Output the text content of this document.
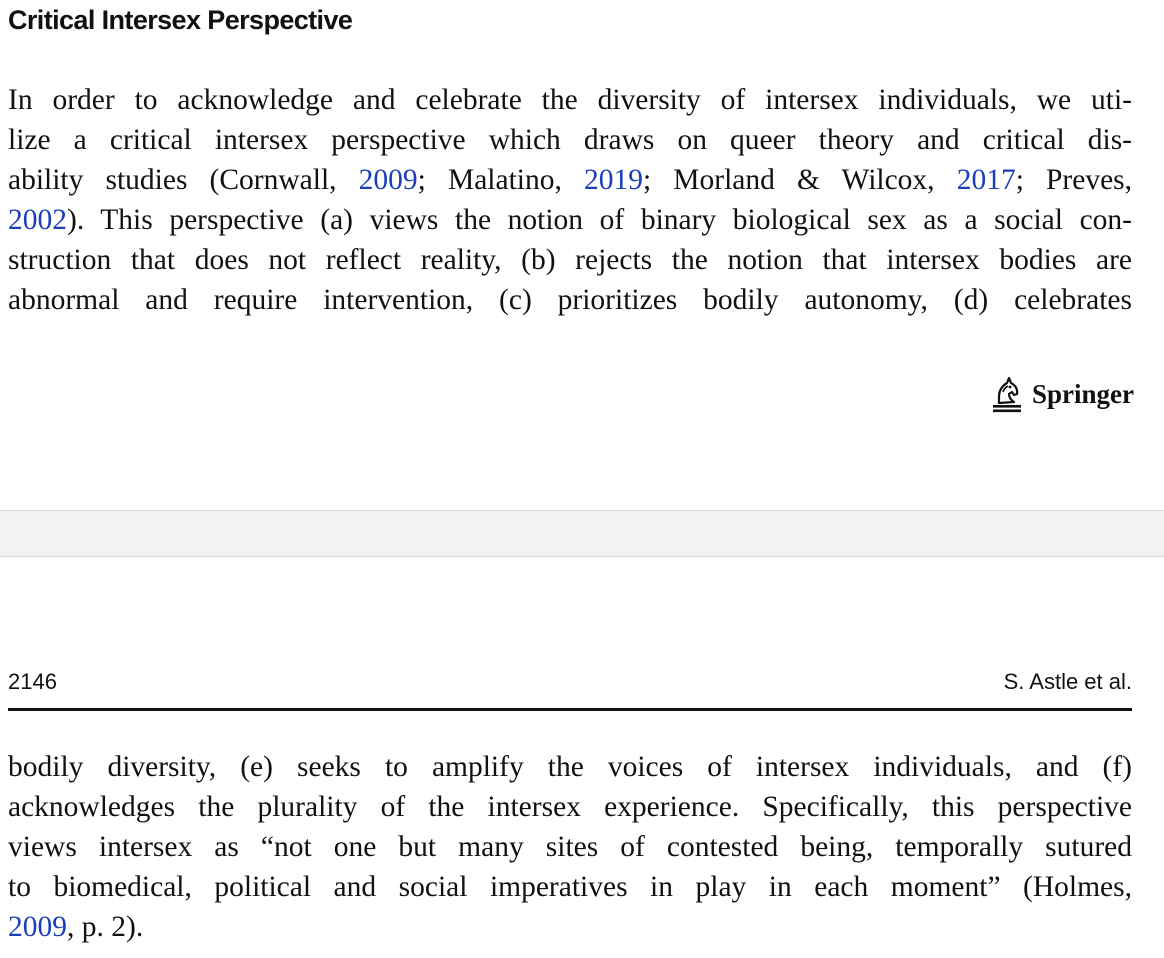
Critical Intersex Perspective

In order to acknowledge and celebrate the diversity of intersex individuals, we uti-
lize a critical intersex perspective which draws on queer theory and critical dis-
ability studies (Cornwall, 2009; Malatino, 2019; Morland & Wilcox, 2017; Preves,
2002). This perspective (a) views the notion of binary biological sex as a social con-
struction that does not reflect reality, (b) rejects the notion that intersex bodies are
abnormal and require intervention, (c) prioritizes bodily autonomy, (d) celebrates

Springer
2146	S. Astle et al.

bodily diversity, (e) seeks to amplify the voices of intersex individuals, and (f)
acknowledges the plurality of the intersex experience. Specifically, this perspective
views intersex as “not one but many sites of contested being, temporally sutured
to biomedical, political and social imperatives in play in each moment” (Holmes,
2009, p. 2).
